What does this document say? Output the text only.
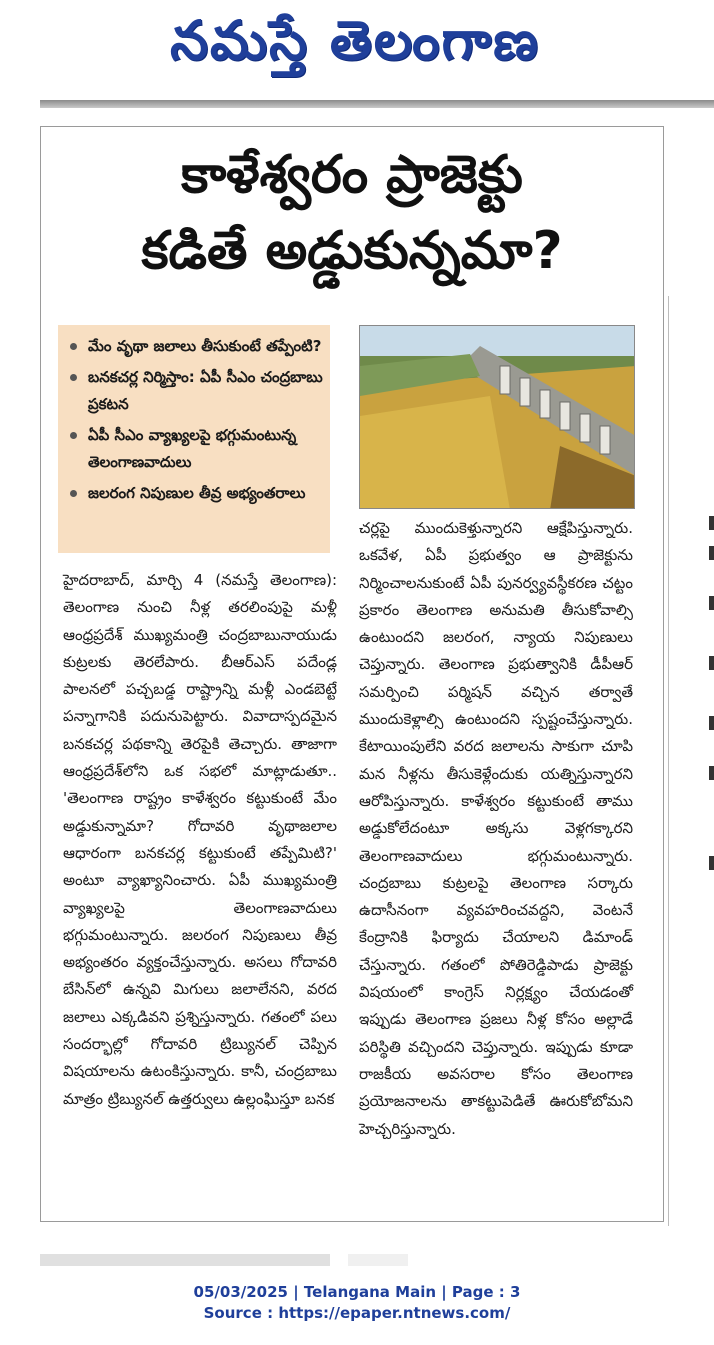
నమస్తే తెలంగాణ
కాళేశ్వరం ప్రాజెక్టు
కడితే అడ్డుకున్నమా?
మేం వృథా జలాలు తీసుకుంటే తప్పేంటి?
బనకచర్ల నిర్మిస్తాం: ఏపీ సీఎం చంద్రబాబు ప్రకటన
ఏపీ సీఎం వ్యాఖ్యలపై భగ్గుమంటున్న తెలంగాణవాదులు
జలరంగ నిపుణుల తీవ్ర అభ్యంతరాలు
హైదరాబాద్, మార్చి 4 (నమస్తే తెలంగాణ): తెలంగాణ నుంచి నీళ్ల తరలింపుపై మళ్లీ ఆంధ్రప్రదేశ్ ముఖ్యమంత్రి చంద్రబాబునాయుడు కుట్రలకు తెరలేపారు. బీఆర్ఎస్ పదేండ్ల పాలనలో పచ్చబడ్డ రాష్ట్రాన్ని మళ్లీ ఎండబెట్టే పన్నాగానికి పదునుపెట్టారు. వివాదాస్పదమైన బనకచర్ల పథకాన్ని తెరపైకి తెచ్చారు. తాజాగా ఆంధ్రప్రదేశ్‌లోని ఒక సభలో మాట్లాడుతూ.. 'తెలంగాణ రాష్ట్రం కాళేశ్వరం కట్టుకుంటే మేం అడ్డుకున్నామా? గోదావరి వృథాజలాల ఆధారంగా బనకచర్ల కట్టుకుంటే తప్పేమిటి?' అంటూ వ్యాఖ్యానించారు. ఏపీ ముఖ్యమంత్రి వ్యాఖ్యలపై తెలంగాణవాదులు భగ్గుమంటున్నారు. జలరంగ నిపుణులు తీవ్ర అభ్యంతరం వ్యక్తంచేస్తున్నారు. అసలు గోదావరి బేసిన్‌లో ఉన్నవి మిగులు జలాలేనని, వరద జలాలు ఎక్కడివని ప్రశ్నిస్తున్నారు. గతంలో పలు సందర్భాల్లో గోదావరి ట్రిబ్యునల్ చెప్పిన విషయాలను ఉటంకిస్తున్నారు. కానీ, చంద్రబాబు మాత్రం ట్రిబ్యునల్ ఉత్తర్వులు ఉల్లంఘిస్తూ బనక
చర్లపై ముందుకెళ్తున్నారని ఆక్షేపిస్తున్నారు. ఒకవేళ, ఏపీ ప్రభుత్వం ఆ ప్రాజెక్టును నిర్మించాలనుకుంటే ఏపీ పునర్వ్యవస్థీకరణ చట్టం ప్రకారం తెలంగాణ అనుమతి తీసుకోవాల్సి ఉంటుందని జలరంగ, న్యాయ నిపుణులు చెప్తున్నారు. తెలంగాణ ప్రభుత్వానికి డీపీఆర్ సమర్పించి పర్మిషన్ వచ్చిన తర్వాతే ముందుకెళ్లాల్సి ఉంటుందని స్పష్టంచేస్తున్నారు. కేటాయింపులేని వరద జలాలను సాకుగా చూపి మన నీళ్లను తీసుకెళ్లేందుకు యత్నిస్తున్నారని ఆరోపిస్తున్నారు. కాళేశ్వరం కట్టుకుంటే తాము అడ్డుకోలేదంటూ అక్కసు వెళ్లగక్కారని తెలంగాణవాదులు భగ్గుమంటున్నారు. చంద్రబాబు కుట్రలపై తెలంగాణ సర్కారు ఉదాసీనంగా వ్యవహరించవద్దని, వెంటనే కేంద్రానికి ఫిర్యాదు చేయాలని డిమాండ్ చేస్తున్నారు. గతంలో పోతిరెడ్డిపాడు ప్రాజెక్టు విషయంలో కాంగ్రెస్ నిర్లక్ష్యం చేయడంతో ఇప్పుడు తెలంగాణ ప్రజలు నీళ్ల కోసం అల్లాడే పరిస్థితి వచ్చిందని చెప్తున్నారు. ఇప్పుడు కూడా రాజకీయ అవసరాల కోసం తెలంగాణ ప్రయోజనాలను తాకట్టుపెడితే ఊరుకోబోమని హెచ్చరిస్తున్నారు.
05/03/2025 | Telangana Main | Page : 3
Source : https://epaper.ntnews.com/
